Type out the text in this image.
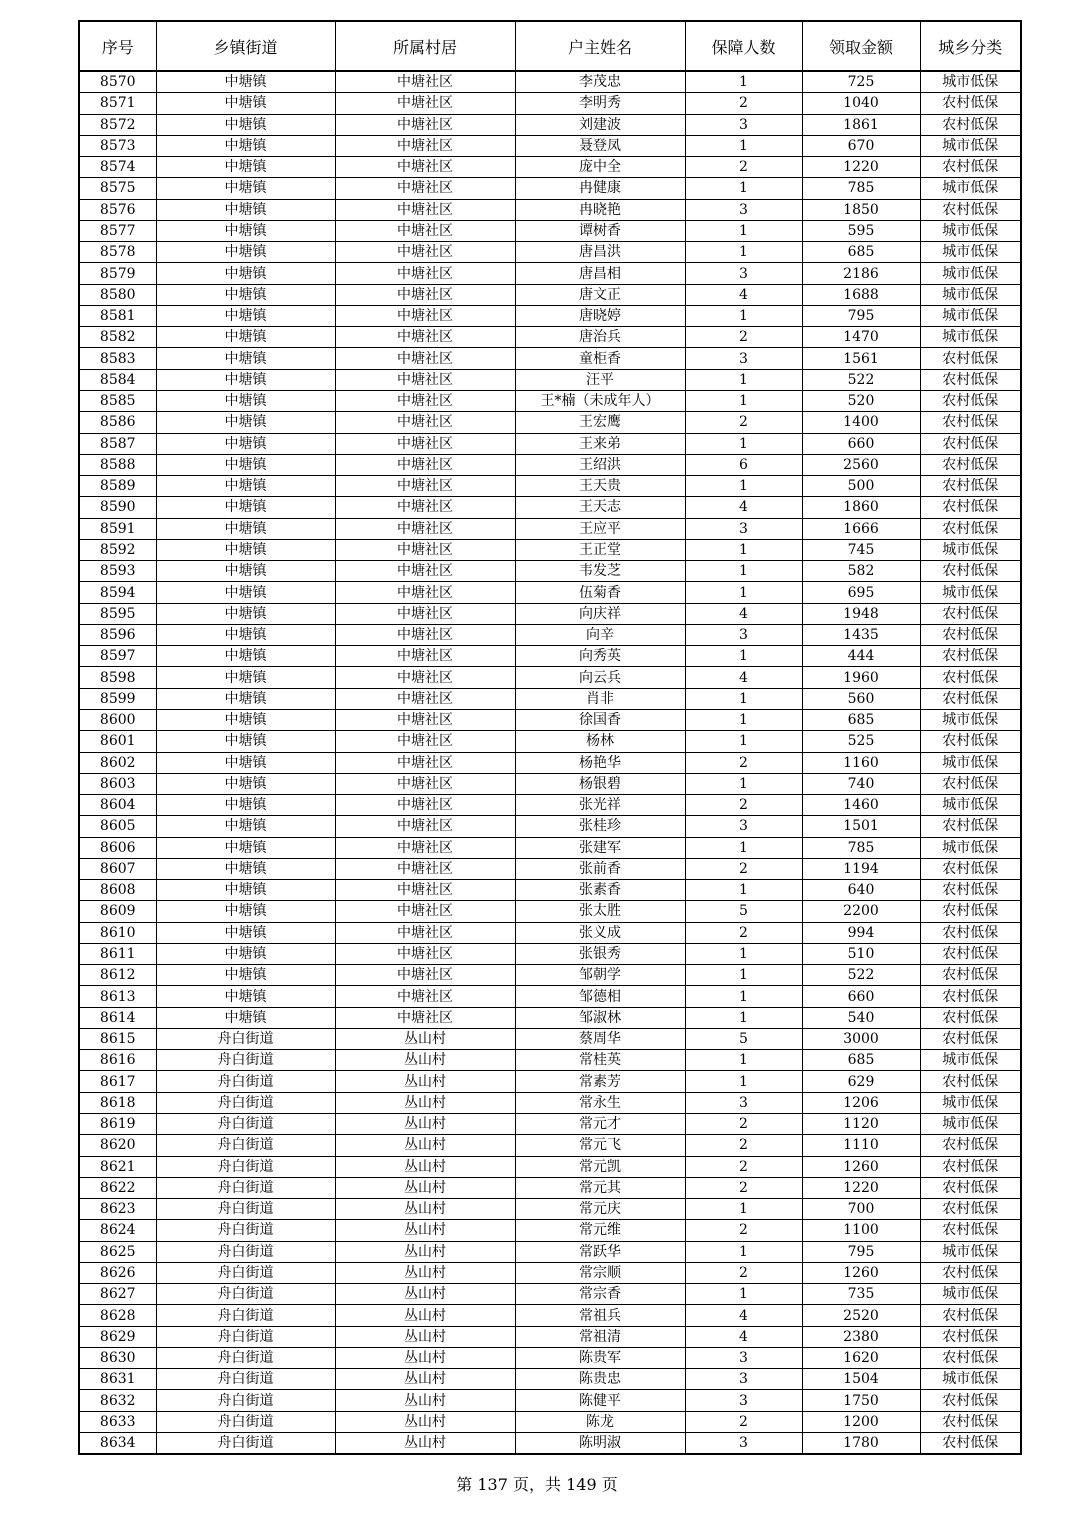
序号	乡镇街道	所属村居	户主姓名	保障人数	领取金额	城乡分类
8570	中塘镇	中塘社区	李茂忠	1	725	城市低保
8571	中塘镇	中塘社区	李明秀	2	1040	农村低保
8572	中塘镇	中塘社区	刘建波	3	1861	农村低保
8573	中塘镇	中塘社区	聂登凤	1	670	城市低保
8574	中塘镇	中塘社区	庞中全	2	1220	农村低保
8575	中塘镇	中塘社区	冉健康	1	785	城市低保
8576	中塘镇	中塘社区	冉晓艳	3	1850	农村低保
8577	中塘镇	中塘社区	谭树香	1	595	城市低保
8578	中塘镇	中塘社区	唐昌洪	1	685	城市低保
8579	中塘镇	中塘社区	唐昌相	3	2186	城市低保
8580	中塘镇	中塘社区	唐文正	4	1688	城市低保
8581	中塘镇	中塘社区	唐晓婷	1	795	城市低保
8582	中塘镇	中塘社区	唐治兵	2	1470	城市低保
8583	中塘镇	中塘社区	童柜香	3	1561	农村低保
8584	中塘镇	中塘社区	汪平	1	522	农村低保
8585	中塘镇	中塘社区	王*楠（未成年人）	1	520	农村低保
8586	中塘镇	中塘社区	王宏鹰	2	1400	农村低保
8587	中塘镇	中塘社区	王来弟	1	660	农村低保
8588	中塘镇	中塘社区	王绍洪	6	2560	农村低保
8589	中塘镇	中塘社区	王天贵	1	500	农村低保
8590	中塘镇	中塘社区	王天志	4	1860	农村低保
8591	中塘镇	中塘社区	王应平	3	1666	农村低保
8592	中塘镇	中塘社区	王正堂	1	745	城市低保
8593	中塘镇	中塘社区	韦发芝	1	582	农村低保
8594	中塘镇	中塘社区	伍菊香	1	695	城市低保
8595	中塘镇	中塘社区	向庆祥	4	1948	农村低保
8596	中塘镇	中塘社区	向辛	3	1435	农村低保
8597	中塘镇	中塘社区	向秀英	1	444	农村低保
8598	中塘镇	中塘社区	向云兵	4	1960	农村低保
8599	中塘镇	中塘社区	肖非	1	560	农村低保
8600	中塘镇	中塘社区	徐国香	1	685	城市低保
8601	中塘镇	中塘社区	杨林	1	525	农村低保
8602	中塘镇	中塘社区	杨艳华	2	1160	城市低保
8603	中塘镇	中塘社区	杨银碧	1	740	农村低保
8604	中塘镇	中塘社区	张光祥	2	1460	城市低保
8605	中塘镇	中塘社区	张桂珍	3	1501	农村低保
8606	中塘镇	中塘社区	张建军	1	785	城市低保
8607	中塘镇	中塘社区	张前香	2	1194	农村低保
8608	中塘镇	中塘社区	张素香	1	640	农村低保
8609	中塘镇	中塘社区	张太胜	5	2200	农村低保
8610	中塘镇	中塘社区	张义成	2	994	农村低保
8611	中塘镇	中塘社区	张银秀	1	510	农村低保
8612	中塘镇	中塘社区	邹朝学	1	522	农村低保
8613	中塘镇	中塘社区	邹德相	1	660	农村低保
8614	中塘镇	中塘社区	邹淑林	1	540	农村低保
8615	舟白街道	丛山村	蔡周华	5	3000	农村低保
8616	舟白街道	丛山村	常桂英	1	685	城市低保
8617	舟白街道	丛山村	常素芳	1	629	农村低保
8618	舟白街道	丛山村	常永生	3	1206	城市低保
8619	舟白街道	丛山村	常元才	2	1120	城市低保
8620	舟白街道	丛山村	常元飞	2	1110	农村低保
8621	舟白街道	丛山村	常元凯	2	1260	农村低保
8622	舟白街道	丛山村	常元其	2	1220	农村低保
8623	舟白街道	丛山村	常元庆	1	700	农村低保
8624	舟白街道	丛山村	常元维	2	1100	农村低保
8625	舟白街道	丛山村	常跃华	1	795	城市低保
8626	舟白街道	丛山村	常宗顺	2	1260	农村低保
8627	舟白街道	丛山村	常宗香	1	735	城市低保
8628	舟白街道	丛山村	常祖兵	4	2520	农村低保
8629	舟白街道	丛山村	常祖清	4	2380	农村低保
8630	舟白街道	丛山村	陈贵军	3	1620	农村低保
8631	舟白街道	丛山村	陈贵忠	3	1504	城市低保
8632	舟白街道	丛山村	陈健平	3	1750	农村低保
8633	舟白街道	丛山村	陈龙	2	1200	农村低保
8634	舟白街道	丛山村	陈明淑	3	1780	农村低保
第 137 页，共 149 页
